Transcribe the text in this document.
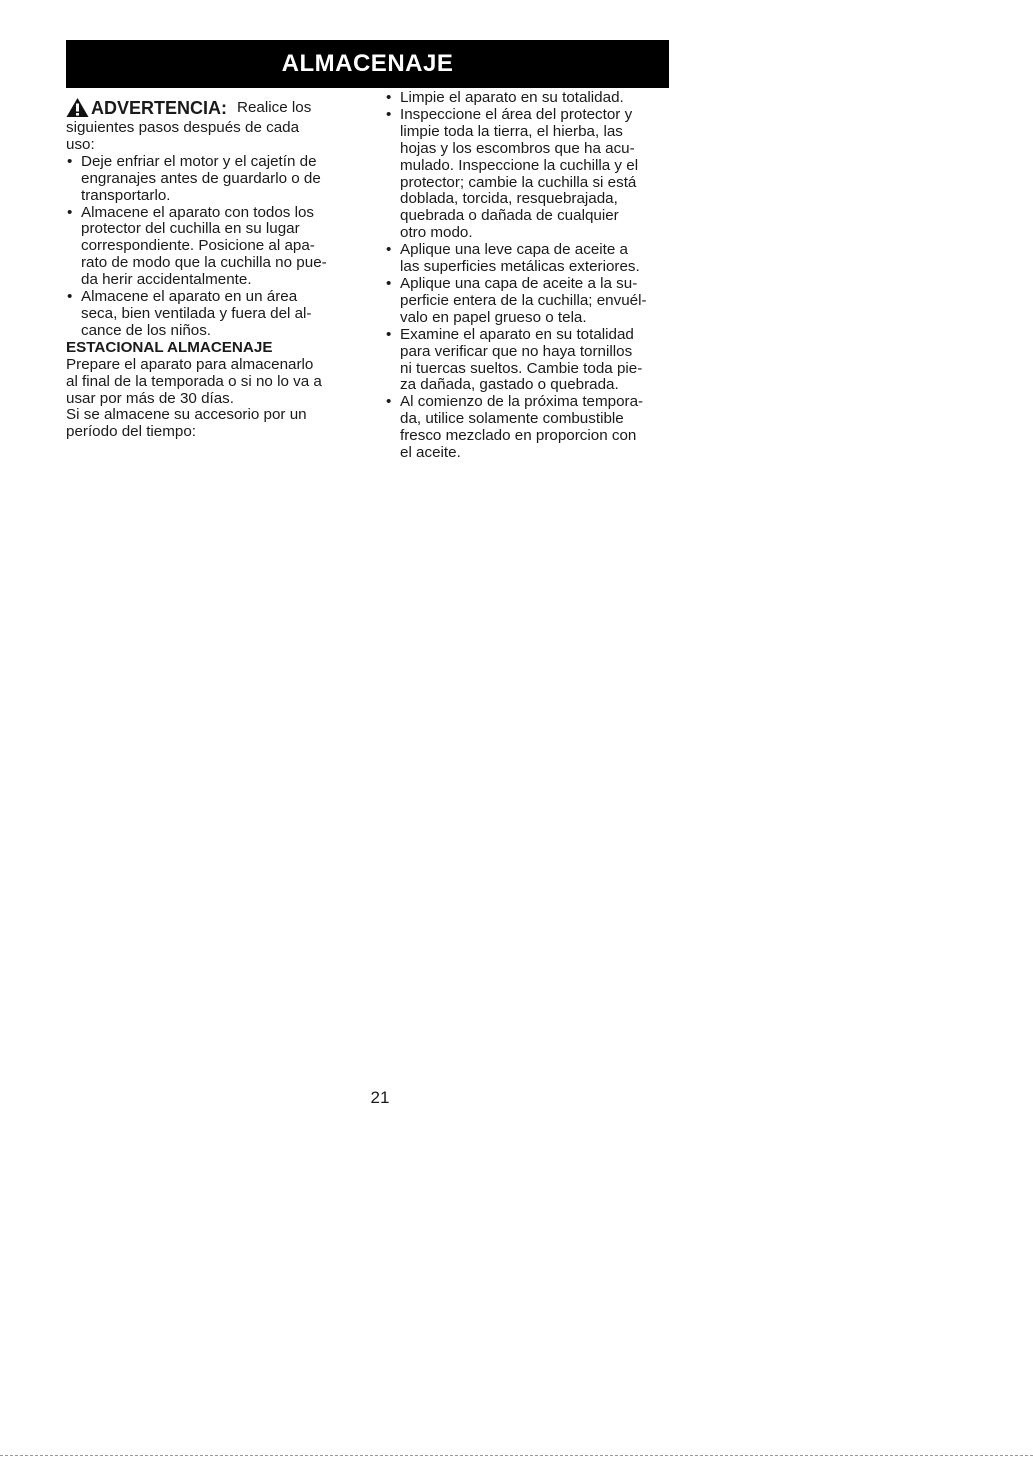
ALMACENAJE
ADVERTENCIA: Realice los
siguientes pasos después de cada
uso:
• Deje enfriar el motor y el cajetín de
engranajes antes de guardarlo o de
transportarlo.
• Almacene el aparato con todos los
protector del cuchilla en su lugar
correspondiente. Posicione al apa-
rato de modo que la cuchilla no pue-
da herir accidentalmente.
• Almacene el aparato en un área
seca, bien ventilada y fuera del al-
cance de los niños.
ESTACIONAL ALMACENAJE
Prepare el aparato para almacenarlo
al final de la temporada o si no lo va a
usar por más de 30 días.
Si se almacene su accesorio por un
período del tiempo:
• Limpie el aparato en su totalidad.
• Inspeccione el área del protector y
limpie toda la tierra, el hierba, las
hojas y los escombros que ha acu-
mulado. Inspeccione la cuchilla y el
protector; cambie la cuchilla si está
doblada, torcida, resquebrajada,
quebrada o dañada de cualquier
otro modo.
• Aplique una leve capa de aceite a
las superficies metálicas exteriores.
• Aplique una capa de aceite a la su-
perficie entera de la cuchilla; envuél-
valo en papel grueso o tela.
• Examine el aparato en su totalidad
para verificar que no haya tornillos
ni tuercas sueltos. Cambie toda pie-
za dañada, gastado o quebrada.
• Al comienzo de la próxima tempora-
da, utilice solamente combustible
fresco mezclado en proporcion con
el aceite.
21
